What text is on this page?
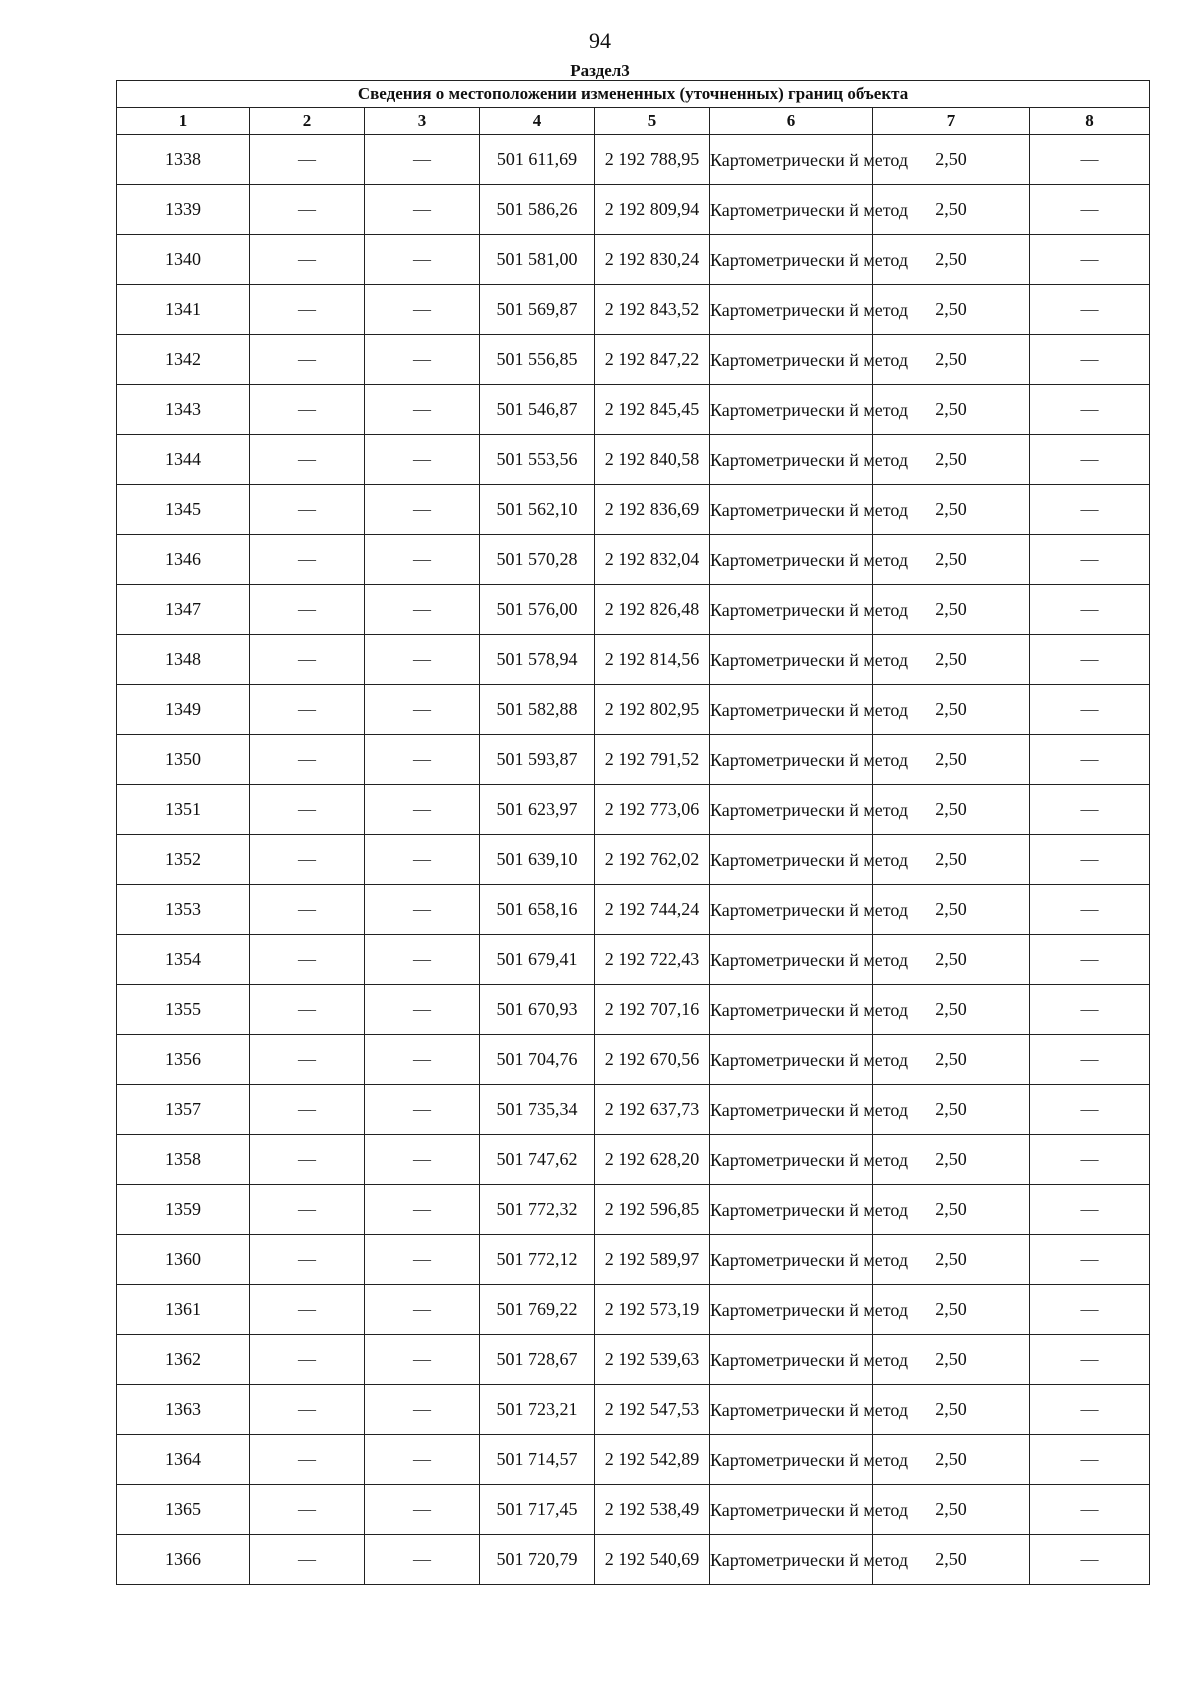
94
Раздел3
Сведения о местоположении измененных (уточненных) границ объекта							
1	2	3	4	5	6	7	8
1338	—	—	501 611,69	2 192 788,95	Картометрически й метод	2,50	—
1339	—	—	501 586,26	2 192 809,94	Картометрически й метод	2,50	—
1340	—	—	501 581,00	2 192 830,24	Картометрически й метод	2,50	—
1341	—	—	501 569,87	2 192 843,52	Картометрически й метод	2,50	—
1342	—	—	501 556,85	2 192 847,22	Картометрически й метод	2,50	—
1343	—	—	501 546,87	2 192 845,45	Картометрически й метод	2,50	—
1344	—	—	501 553,56	2 192 840,58	Картометрически й метод	2,50	—
1345	—	—	501 562,10	2 192 836,69	Картометрически й метод	2,50	—
1346	—	—	501 570,28	2 192 832,04	Картометрически й метод	2,50	—
1347	—	—	501 576,00	2 192 826,48	Картометрически й метод	2,50	—
1348	—	—	501 578,94	2 192 814,56	Картометрически й метод	2,50	—
1349	—	—	501 582,88	2 192 802,95	Картометрически й метод	2,50	—
1350	—	—	501 593,87	2 192 791,52	Картометрически й метод	2,50	—
1351	—	—	501 623,97	2 192 773,06	Картометрически й метод	2,50	—
1352	—	—	501 639,10	2 192 762,02	Картометрически й метод	2,50	—
1353	—	—	501 658,16	2 192 744,24	Картометрически й метод	2,50	—
1354	—	—	501 679,41	2 192 722,43	Картометрически й метод	2,50	—
1355	—	—	501 670,93	2 192 707,16	Картометрически й метод	2,50	—
1356	—	—	501 704,76	2 192 670,56	Картометрически й метод	2,50	—
1357	—	—	501 735,34	2 192 637,73	Картометрически й метод	2,50	—
1358	—	—	501 747,62	2 192 628,20	Картометрически й метод	2,50	—
1359	—	—	501 772,32	2 192 596,85	Картометрически й метод	2,50	—
1360	—	—	501 772,12	2 192 589,97	Картометрически й метод	2,50	—
1361	—	—	501 769,22	2 192 573,19	Картометрически й метод	2,50	—
1362	—	—	501 728,67	2 192 539,63	Картометрически й метод	2,50	—
1363	—	—	501 723,21	2 192 547,53	Картометрически й метод	2,50	—
1364	—	—	501 714,57	2 192 542,89	Картометрически й метод	2,50	—
1365	—	—	501 717,45	2 192 538,49	Картометрически й метод	2,50	—
1366	—	—	501 720,79	2 192 540,69	Картометрически й метод	2,50	—
